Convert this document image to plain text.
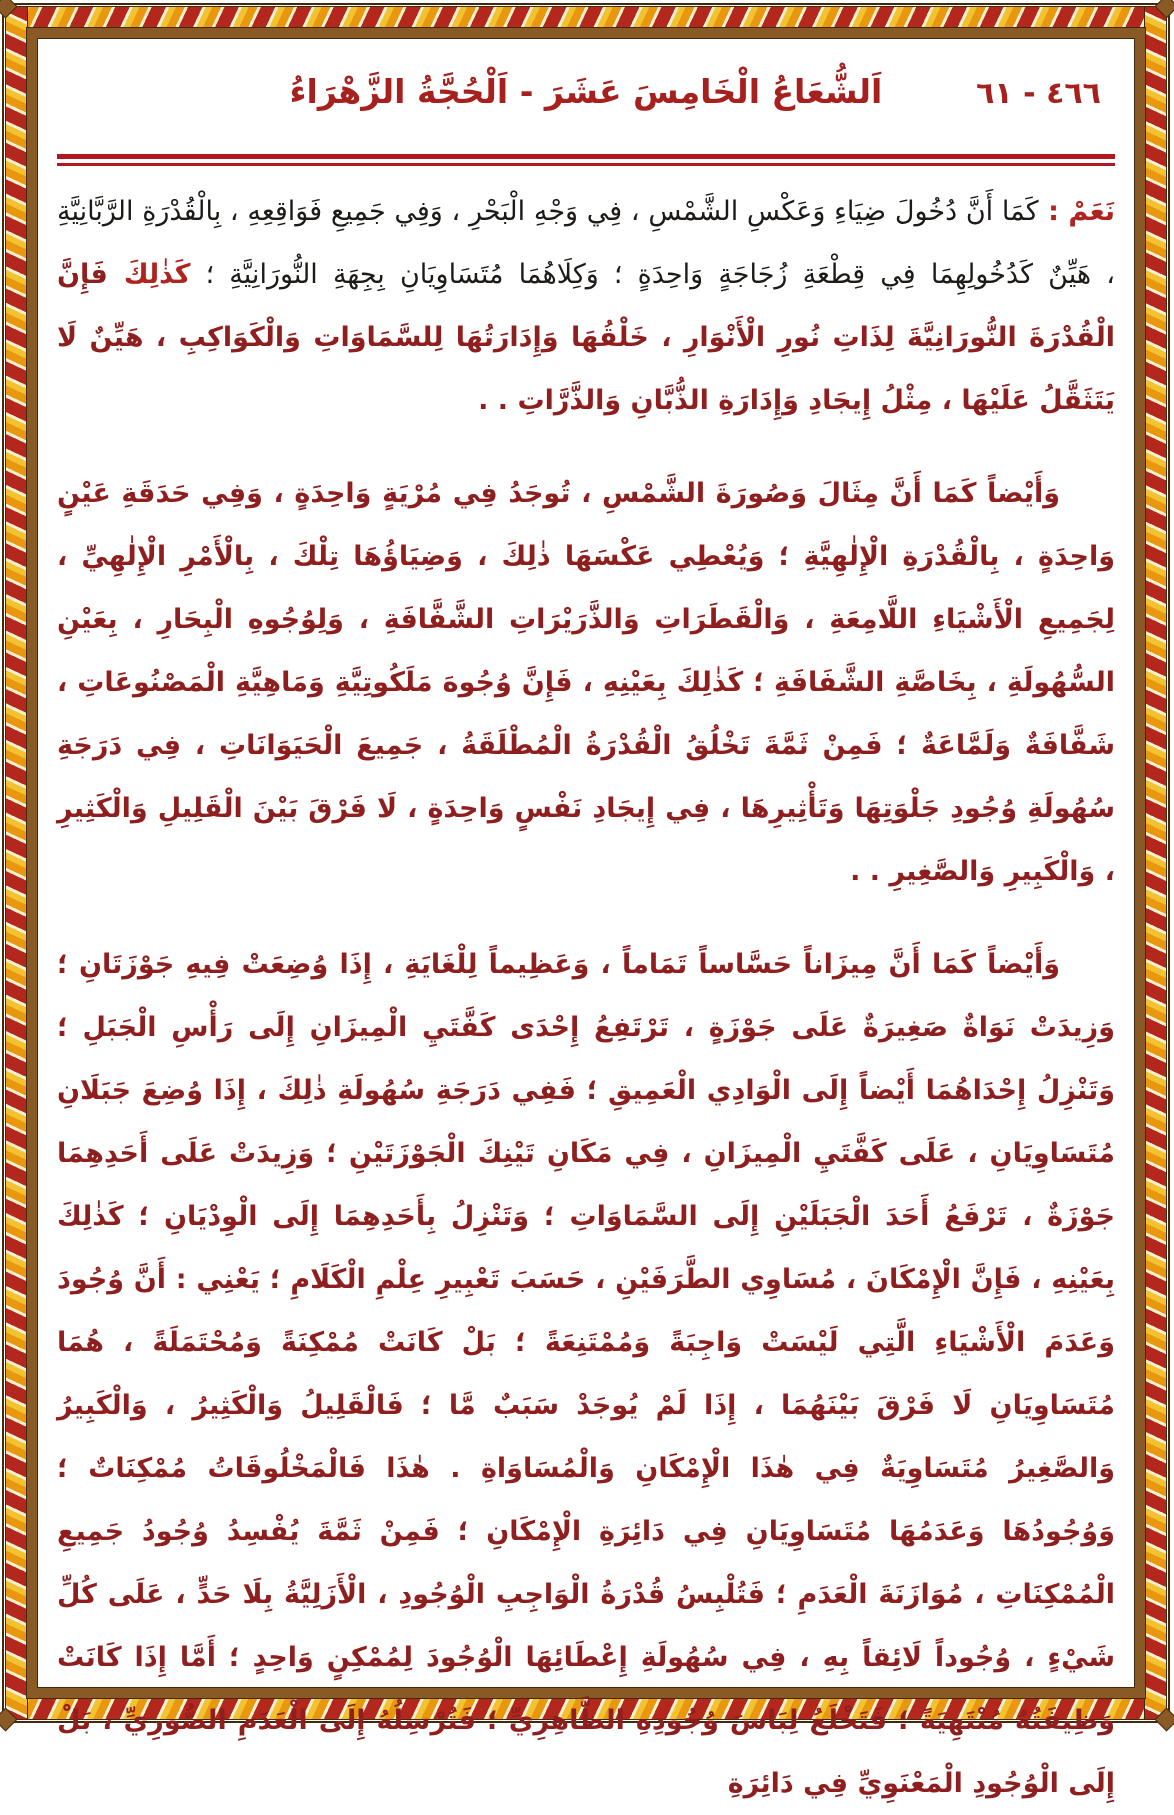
اَلشُّعَاعُ الْخَامِسَ عَشَرَ - اَلْحُجَّةُ الزَّهْرَاءُ	٤٦٦ - ٦١

نَعَمْ : كَمَا أَنَّ دُخُولَ ضِيَاءِ وَعَكْسِ الشَّمْسِ ، فِي وَجْهِ الْبَحْرِ ، وَفِي جَمِيعِ فَوَاقِعِهِ ، بِالْقُدْرَةِ الرَّبَّانِيَّةِ ، هَيِّنٌ كَدُخُولِهِمَا فِي قِطْعَةِ زُجَاجَةٍ وَاحِدَةٍ ؛ وَكِلَاهُمَا مُتَسَاوِيَانِ بِجِهَةِ النُّورَانِيَّةِ ؛ كَذٰلِكَ فَإِنَّ الْقُدْرَةَ النُّورَانِيَّةَ لِذَاتِ نُورِ الْأَنْوَارِ ، خَلْقُهَا وَإِدَارَتُهَا لِلسَّمَاوَاتِ وَالْكَوَاكِبِ ، هَيِّنٌ لَا يَتَثَقَّلُ عَلَيْهَا ، مِثْلُ إِيجَادِ وَإِدَارَةِ الذُّبَّانِ وَالذَّرَّاتِ . .

وَأَيْضاً كَمَا أَنَّ مِثَالَ وَصُورَةَ الشَّمْسِ ، تُوجَدُ فِي مُرْيَةٍ وَاحِدَةٍ ، وَفِي حَدَقَةِ عَيْنٍ وَاحِدَةٍ ، بِالْقُدْرَةِ الْإِلٰهِيَّةِ ؛ وَيُعْطِي عَكْسَهَا ذٰلِكَ ، وَضِيَاؤُهَا تِلْكَ ، بِالْأَمْرِ الْإِلٰهِيِّ ، لِجَمِيعِ الْأَشْيَاءِ اللَّامِعَةِ ، وَالْقَطَرَاتِ وَالذَّرَيْرَاتِ الشَّفَّافَةِ ، وَلِوُجُوهِ الْبِحَارِ ، بِعَيْنِ السُّهُولَةِ ، بِخَاصَّةِ الشَّفَافَةِ ؛ كَذٰلِكَ بِعَيْنِهِ ، فَإِنَّ وُجُوهَ مَلَكُوتِيَّةِ وَمَاهِيَّةِ الْمَصْنُوعَاتِ ، شَفَّافَةٌ وَلَمَّاعَةٌ ؛ فَمِنْ ثَمَّةَ تَخْلُقُ الْقُدْرَةُ الْمُطْلَقَةُ ، جَمِيعَ الْحَيَوَانَاتِ ، فِي دَرَجَةِ سُهُولَةِ وُجُودِ جَلْوَتِهَا وَتَأْثِيرِهَا ، فِي إِيجَادِ نَفْسٍ وَاحِدَةٍ ، لَا فَرْقَ بَيْنَ الْقَلِيلِ وَالْكَثِيرِ ، وَالْكَبِيرِ وَالصَّغِيرِ . .

وَأَيْضاً كَمَا أَنَّ مِيزَاناً حَسَّاساً تَمَاماً ، وَعَظِيماً لِلْغَايَةِ ، إِذَا وُضِعَتْ فِيهِ جَوْزَتَانِ ؛ وَزِيدَتْ نَوَاةٌ صَغِيرَةٌ عَلَى جَوْزَةٍ ، تَرْتَفِعُ إِحْدَى كَفَّتَيِ الْمِيزَانِ إِلَى رَأْسِ الْجَبَلِ ؛ وَتَنْزِلُ إِحْدَاهُمَا أَيْضاً إِلَى الْوَادِي الْعَمِيقِ ؛ فَفِي دَرَجَةِ سُهُولَةِ ذٰلِكَ ، إِذَا وُضِعَ جَبَلَانِ مُتَسَاوِيَانِ ، عَلَى كَفَّتَيِ الْمِيزَانِ ، فِي مَكَانِ تَيْنِكَ الْجَوْزَتَيْنِ ؛ وَزِيدَتْ عَلَى أَحَدِهِمَا جَوْزَةٌ ، تَرْفَعُ أَحَدَ الْجَبَلَيْنِ إِلَى السَّمَاوَاتِ ؛ وَتَنْزِلُ بِأَحَدِهِمَا إِلَى الْوِدْيَانِ ؛ كَذٰلِكَ بِعَيْنِهِ ، فَإِنَّ الْإِمْكَانَ ، مُسَاوِي الطَّرَفَيْنِ ، حَسَبَ تَعْبِيرِ عِلْمِ الْكَلَامِ ؛ يَعْنِي : أَنَّ وُجُودَ وَعَدَمَ الْأَشْيَاءِ الَّتِي لَيْسَتْ وَاجِبَةً وَمُمْتَنِعَةً ؛ بَلْ كَانَتْ مُمْكِنَةً وَمُحْتَمَلَةً ، هُمَا مُتَسَاوِيَانِ لَا فَرْقَ بَيْنَهُمَا ، إِذَا لَمْ يُوجَدْ سَبَبٌ مَّا ؛ فَالْقَلِيلُ وَالْكَثِيرُ ، وَالْكَبِيرُ وَالصَّغِيرُ مُتَسَاوِيَةٌ فِي هٰذَا الْإِمْكَانِ وَالْمُسَاوَاةِ . هٰذَا فَالْمَخْلُوقَاتُ مُمْكِنَاتٌ ؛ وَوُجُودُهَا وَعَدَمُهَا مُتَسَاوِيَانِ فِي دَائِرَةِ الْإِمْكَانِ ؛ فَمِنْ ثَمَّةَ يُفْسِدُ وُجُودُ جَمِيعِ الْمُمْكِنَاتِ ، مُوَازَنَةَ الْعَدَمِ ؛ فَتُلْبِسُ قُدْرَةُ الْوَاجِبِ الْوُجُودِ ، الْأَزَلِيَّةُ بِلَا حَدٍّ ، عَلَى كُلِّ شَيْءٍ ، وُجُوداً لَائِقاً بِهِ ، فِي سُهُولَةِ إِعْطَائِهَا الْوُجُودَ لِمُمْكِنٍ وَاحِدٍ ؛ أَمَّا إِذَا كَانَتْ وَظِيفَتُهُ مُنْتَهِيَةً ؛ فَتَخْلَعُ لِبَاسَ وُجُودِهِ الظَّاهِرِيِّ ؛ فَتُرْسِلُهُ إِلَى الْعَدَمِ الصُّورِيِّ ، بَلْ إِلَى الْوُجُودِ الْمَعْنَوِيِّ فِي دَائِرَةِ
